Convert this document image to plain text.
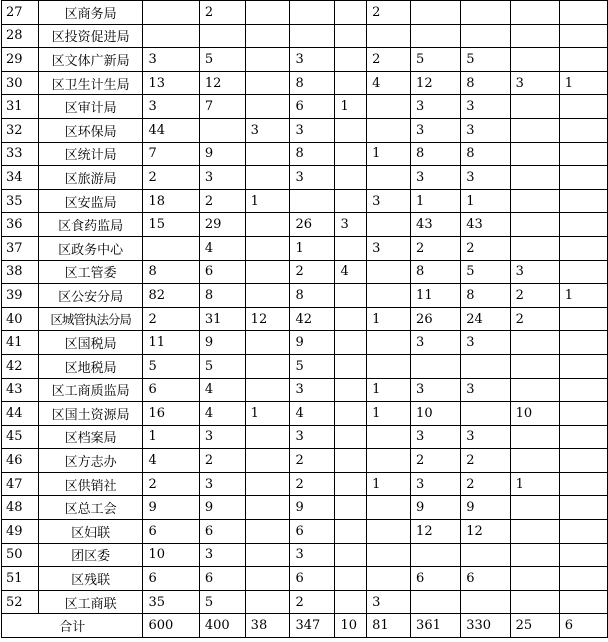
27	区商务局		2				2				
28	区投资促进局										
29	区文体广新局	3	5		3		2	5	5		
30	区卫生计生局	13	12		8		4	12	8	3	1
31	区审计局	3	7		6	1		3	3		
32	区环保局	44		3	3			3	3		
33	区统计局	7	9		8		1	8	8		
34	区旅游局	2	3		3			3	3		
35	区安监局	18	2	1			3	1	1		
36	区食药监局	15	29		26	3		43	43		
37	区政务中心		4		1		3	2	2		
38	区工管委	8	6		2	4		8	5	3	
39	区公安分局	82	8		8			11	8	2	1
40	区城管执法分局	2	31	12	42		1	26	24	2	
41	区国税局	11	9		9			3	3		
42	区地税局	5	5		5						
43	区工商质监局	6	4		3		1	3	3		
44	区国土资源局	16	4	1	4		1	10		10	
45	区档案局	1	3		3			3	3		
46	区方志办	4	2		2			2	2		
47	区供销社	2	3		2		1	3	2	1	
48	区总工会	9	9		9			9	9		
49	区妇联	6	6		6			12	12		
50	团区委	10	3		3						
51	区残联	6	6		6			6	6		
52	区工商联	35	5		2		3				
合计		600	400	38	347	10	81	361	330	25	6
